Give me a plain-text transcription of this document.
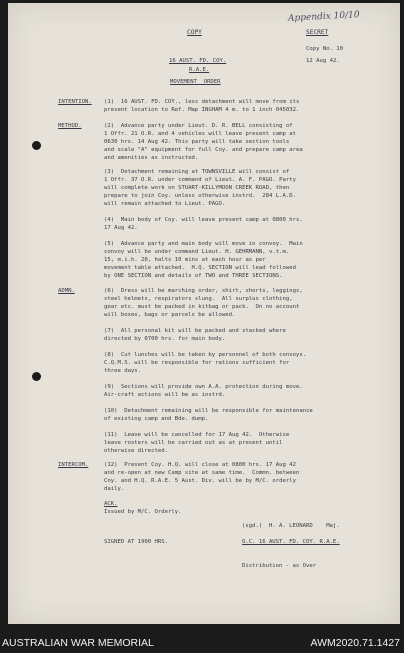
COPY	SECRET

Appendix 10/10

Copy No. 10

12 Aug 42.

16 AUST. FD. COY.

R.A.E.

MOVEMENT  ORDER

INTENTION.

METHOD.

ADMN.

INTERCOM.

(1)  16 AUST. FD. COY., less detachment will move from its

present location to Ref. Map INGHAM 4 m. to 1 inch 045032.

(2)  Advance party under Lieut. D. R. BELL consisting of

1 Offr. 21 O.R. and 4 vehicles will leave present camp at

0630 hrs. 14 Aug 42. This party will take section tools

and scale "A" equipment for full Coy. and prepare camp area

and amenities as instructed.

(3)  Detachment remaining at TOWNSVILLE will consist of

1 Offr. 37 O.R. under command of Lieut. A. F. PAGO. Party

will complete work on STUART-KILLYMOON CREEK ROAD, then

prepare to join Coy. unless otherwise instrd.  284 L.A.D.

will remain attached to Lieut. PAGO.

(4)  Main body of Coy. will leave present camp at 0800 hrs.

17 Aug 42.

(5)  Advance party and main body will move in convoy.  Main

convoy will be under command Lieut. H. GEHRMANN, v.t.m.

15, m.i.h. 20, halts 10 mins at each hour as per

movement table attached.  H.Q. SECTION will lead followed

by ONE SECTION and details of TWO and THREE SECTIONS.

(6)  Dress will be marching order, shirt, shorts, leggings,

steel helmets, respirators slung.  All surplus clothing,

gear etc. must be packed in kitbag or pack.  On no account

will boxes, bags or parcels be allowed.

(7)  All personal kit will be packed and stacked where

directed by 0700 hrs. for main body.

(8)  Cut lunches will be taken by personnel of both convoys.

C.Q.M.S. will be responsible for rations sufficient for

three days.

(9)  Sections will provide own A.A. protection during move.

Air-craft actions will be as instrd.

(10)  Detachment remaining will be responsible for maintenance

of existing camp and Bde. dump.

(11)  Leave will be cancelled for 17 Aug 42.  Otherwise

leave rosters will be carried out as at present until

otherwise directed.

(12)  Present Coy. H.Q. will close at 0800 hrs. 17 Aug 42

and re-open at new Camp site at same time.  Commn. between

Coy. and H.Q. R.A.E. 5 Aust. Div. will be by M/C. orderly

daily.

ACK.

Issued by M/C. Orderly.

(sgd.)  H. A. LEONARD    Maj.

SIGNED AT 1900 HRS.	O.C. 16 AUST. FD. COY. R.A.E.

Distribution - as Over

AUSTRALIAN WAR MEMORIAL	AWM2020.71.1427
